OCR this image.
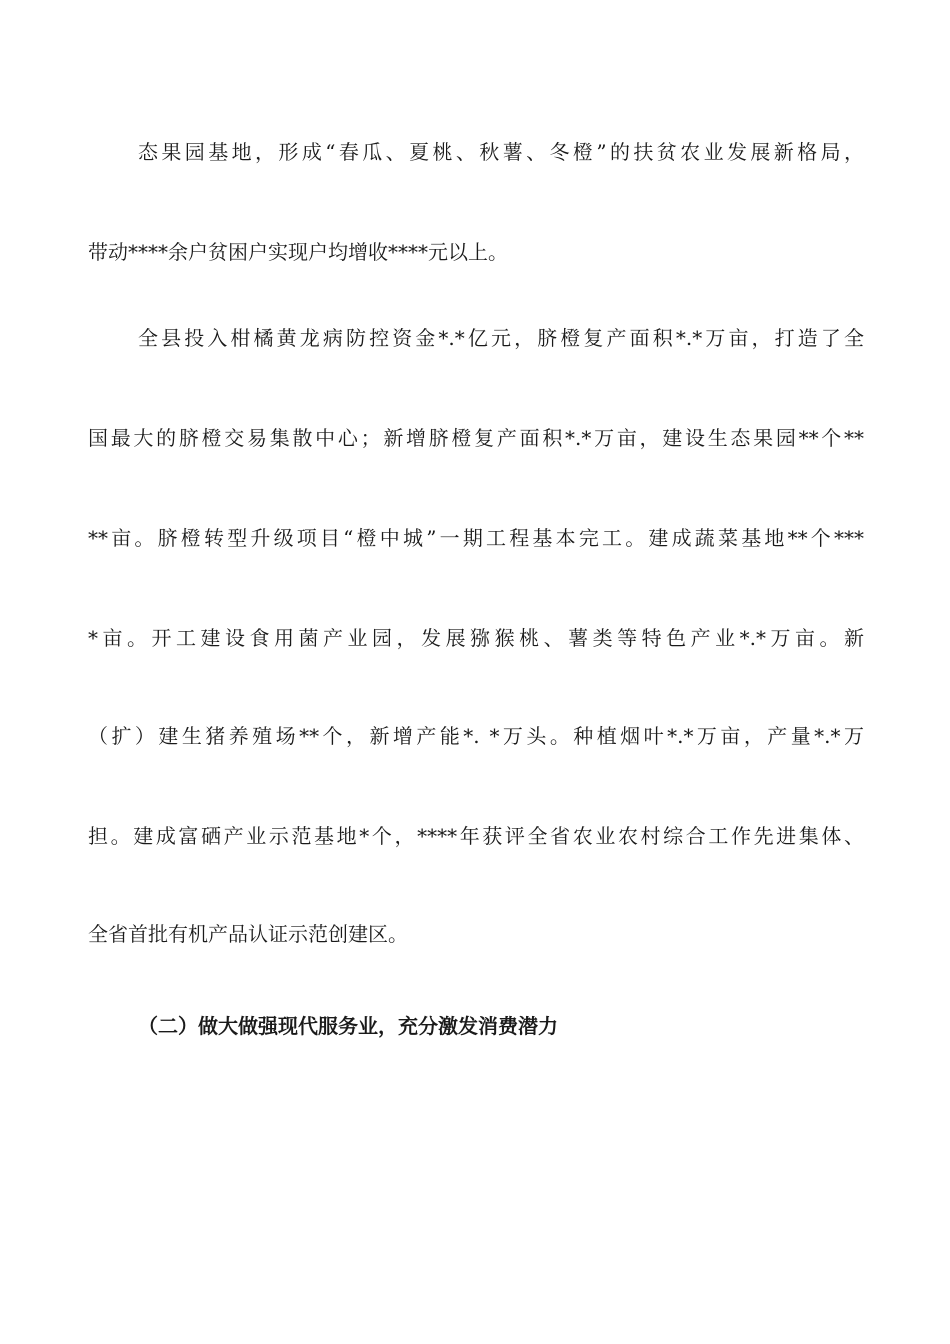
态果园基地，形成“春瓜、夏桃、秋薯、冬橙”的扶贫农业发展新格局，
带动****余户贫困户实现户均增收****元以上。
全县投入柑橘黄龙病防控资金*.*亿元，脐橙复产面积*.*万亩，打造了全
国最大的脐橙交易集散中心；新增脐橙复产面积*.*万亩，建设生态果园**个**
**亩。脐橙转型升级项目“橙中城”一期工程基本完工。建成蔬菜基地**个***
*亩。开工建设食用菌产业园，发展猕猴桃、薯类等特色产业*.*万亩。新
（扩）建生猪养殖场**个，新增产能*. *万头。种植烟叶*.*万亩，产量*.*万
担。建成富硒产业示范基地*个，****年获评全省农业农村综合工作先进集体、
全省首批有机产品认证示范创建区。
（二）做大做强现代服务业，充分激发消费潜力
